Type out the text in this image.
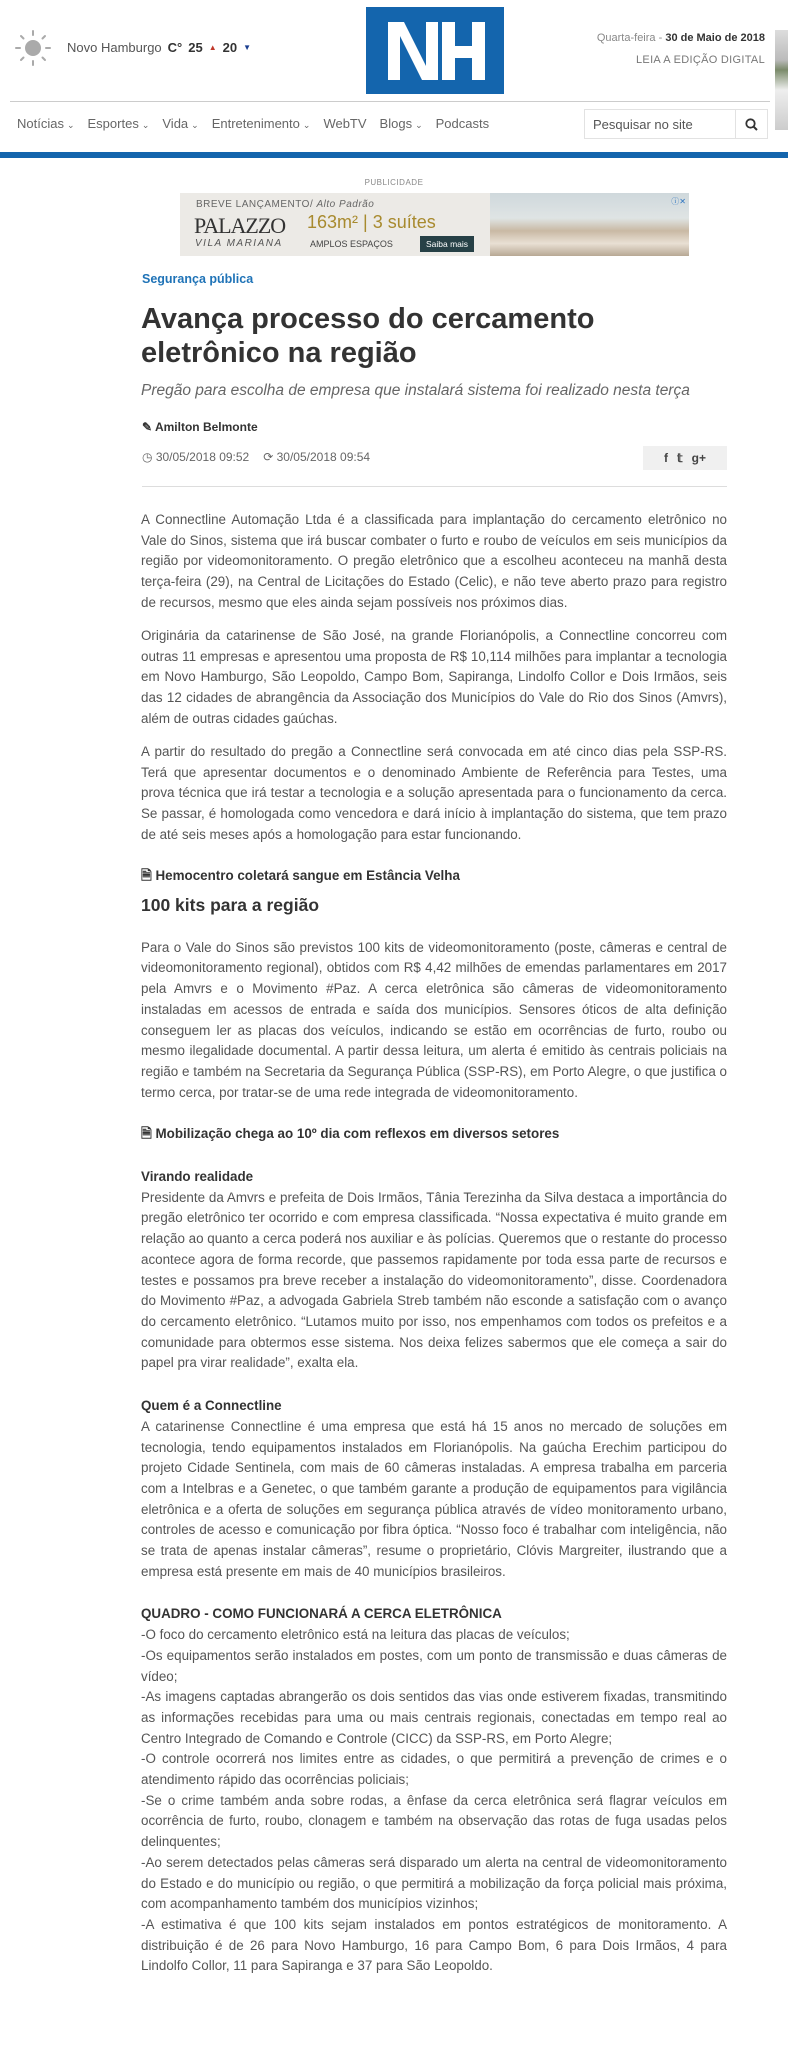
Novo Hamburgo C° 25 ▲ 20 ▼
Quarta-feira - 30 de Maio de 2018
LEIA A EDIÇÃO DIGITAL
Notícias ⌄ Esportes ⌄ Vida ⌄ Entretenimento ⌄ WebTV Blogs ⌄ Podcasts
Pesquisar no site
PUBLICIDADE
BREVE LANÇAMENTO/ Alto Padrão
PALAZZO
VILA MARIANA
163m² | 3 suítes
AMPLOS ESPAÇOS	Saiba mais
ⓘ✕
Segurança pública
Avança processo do cercamento eletrônico na região
Pregão para escolha de empresa que instalará sistema foi realizado nesta terça
✎ Amilton Belmonte
◷ 30/05/2018 09:52 ⟳ 30/05/2018 09:54	f 𝕥 g+

A Connectline Automação Ltda é a classificada para implantação do cercamento eletrônico no Vale do Sinos, sistema que irá buscar combater o furto e roubo de veículos em seis municípios da região por videomonitoramento. O pregão eletrônico que a escolheu aconteceu na manhã desta terça-feira (29), na Central de Licitações do Estado (Celic), e não teve aberto prazo para registro de recursos, mesmo que eles ainda sejam possíveis nos próximos dias.

Originária da catarinense de São José, na grande Florianópolis, a Connectline concorreu com outras 11 empresas e apresentou uma proposta de R$ 10,114 milhões para implantar a tecnologia em Novo Hamburgo, São Leopoldo, Campo Bom, Sapiranga, Lindolfo Collor e Dois Irmãos, seis das 12 cidades de abrangência da Associação dos Municípios do Vale do Rio dos Sinos (Amvrs), além de outras cidades gaúchas.

A partir do resultado do pregão a Connectline será convocada em até cinco dias pela SSP-RS. Terá que apresentar documentos e o denominado Ambiente de Referência para Testes, uma prova técnica que irá testar a tecnologia e a solução apresentada para o funcionamento da cerca. Se passar, é homologada como vencedora e dará início à implantação do sistema, que tem prazo de até seis meses após a homologação para estar funcionando.

🗎 Hemocentro coletará sangue em Estância Velha
100 kits para a região

Para o Vale do Sinos são previstos 100 kits de videomonitoramento (poste, câmeras e central de videomonitoramento regional), obtidos com R$ 4,42 milhões de emendas parlamentares em 2017 pela Amvrs e o Movimento #Paz. A cerca eletrônica são câmeras de videomonitoramento instaladas em acessos de entrada e saída dos municípios. Sensores óticos de alta definição conseguem ler as placas dos veículos, indicando se estão em ocorrências de furto, roubo ou mesmo ilegalidade documental. A partir dessa leitura, um alerta é emitido às centrais policiais na região e também na Secretaria da Segurança Pública (SSP-RS), em Porto Alegre, o que justifica o termo cerca, por tratar-se de uma rede integrada de videomonitoramento.

🗎 Mobilização chega ao 10º dia com reflexos em diversos setores
Virando realidade

Presidente da Amvrs e prefeita de Dois Irmãos, Tânia Terezinha da Silva destaca a importância do pregão eletrônico ter ocorrido e com empresa classificada. “Nossa expectativa é muito grande em relação ao quanto a cerca poderá nos auxiliar e às polícias. Queremos que o restante do processo acontece agora de forma recorde, que passemos rapidamente por toda essa parte de recursos e testes e possamos pra breve receber a instalação do videomonitoramento”, disse. Coordenadora do Movimento #Paz, a advogada Gabriela Streb também não esconde a satisfação com o avanço do cercamento eletrônico. “Lutamos muito por isso, nos empenhamos com todos os prefeitos e a comunidade para obtermos esse sistema. Nos deixa felizes sabermos que ele começa a sair do papel pra virar realidade”, exalta ela.

Quem é a Connectline

A catarinense Connectline é uma empresa que está há 15 anos no mercado de soluções em tecnologia, tendo equipamentos instalados em Florianópolis. Na gaúcha Erechim participou do projeto Cidade Sentinela, com mais de 60 câmeras instaladas. A empresa trabalha em parceria com a Intelbras e a Genetec, o que também garante a produção de equipamentos para vigilância eletrônica e a oferta de soluções em segurança pública através de vídeo monitoramento urbano, controles de acesso e comunicação por fibra óptica. “Nosso foco é trabalhar com inteligência, não se trata de apenas instalar câmeras”, resume o proprietário, Clóvis Margreiter, ilustrando que a empresa está presente em mais de 40 municípios brasileiros.

QUADRO - COMO FUNCIONARÁ A CERCA ELETRÔNICA

-O foco do cercamento eletrônico está na leitura das placas de veículos;

-Os equipamentos serão instalados em postes, com um ponto de transmissão e duas câmeras de vídeo;

-As imagens captadas abrangerão os dois sentidos das vias onde estiverem fixadas, transmitindo as informações recebidas para uma ou mais centrais regionais, conectadas em tempo real ao Centro Integrado de Comando e Controle (CICC) da SSP-RS, em Porto Alegre;

-O controle ocorrerá nos limites entre as cidades, o que permitirá a prevenção de crimes e o atendimento rápido das ocorrências policiais;

-Se o crime também anda sobre rodas, a ênfase da cerca eletrônica será flagrar veículos em ocorrência de furto, roubo, clonagem e também na observação das rotas de fuga usadas pelos delinquentes;

-Ao serem detectados pelas câmeras será disparado um alerta na central de videomonitoramento do Estado e do município ou região, o que permitirá a mobilização da força policial mais próxima, com acompanhamento também dos municípios vizinhos;

-A estimativa é que 100 kits sejam instalados em pontos estratégicos de monitoramento. A distribuição é de 26 para Novo Hamburgo, 16 para Campo Bom, 6 para Dois Irmãos, 4 para Lindolfo Collor, 11 para Sapiranga e 37 para São Leopoldo.
